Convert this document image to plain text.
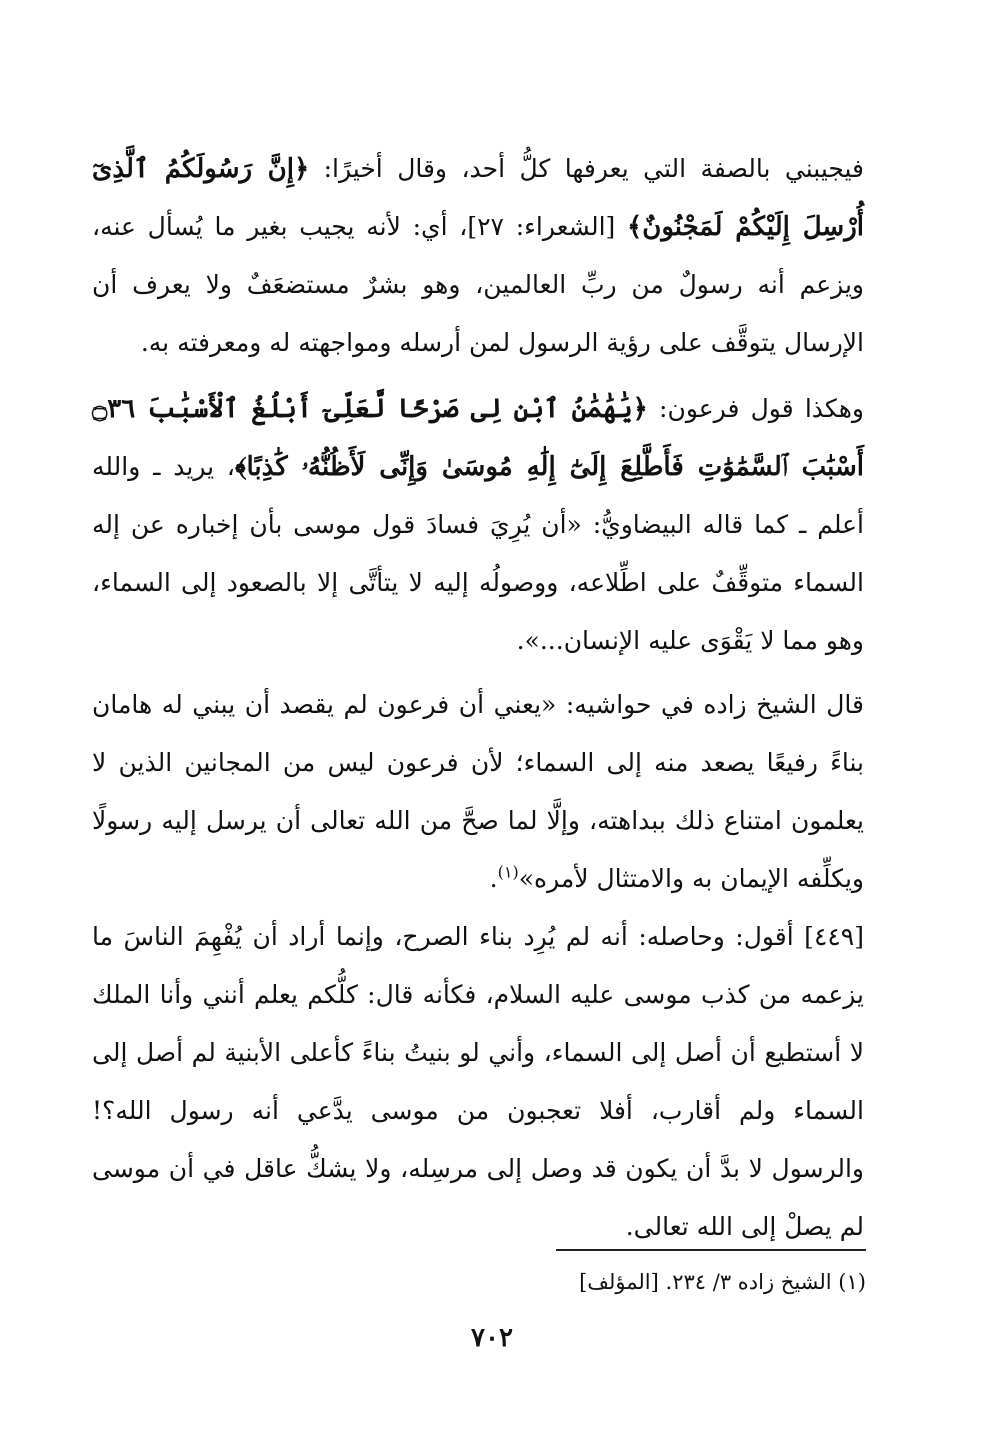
فيجيبني بالصفة التي يعرفها كلُّ أحد، وقال أخيرًا: ﴿إِنَّ رَسُولَكُمُ ٱلَّذِىٓ أُرْسِلَ إِلَيْكُمْ لَمَجْنُونٌ﴾ [الشعراء: ٢٧]، أي: لأنه يجيب بغير ما يُسأل عنه، ويزعم أنه رسولٌ من ربِّ العالمين، وهو بشرٌ مستضعَفٌ ولا يعرف أن الإرسال يتوقَّف على رؤية الرسول لمن أرسله ومواجهته له ومعرفته به.

وهكذا قول فرعون: ﴿يَٰهَٰمَٰنُ ٱبْنِ لِى صَرْحًا لَّعَلِّىٓ أَبْلُغُ ٱلْأَسْبَٰبَ ۝٣٦ أَسْبَٰبَ ٱلسَّمَٰوَٰتِ فَأَطَّلِعَ إِلَىٰٓ إِلَٰهِ مُوسَىٰ وَإِنِّى لَأَظُنُّهُۥ كَٰذِبًا﴾، يريد ـ والله أعلم ـ كما قاله البيضاويُّ: «أن يُرِيَ فسادَ قول موسى بأن إخباره عن إله السماء متوقِّفٌ على اطِّلاعه، ووصولُه إليه لا يتأتَّى إلا بالصعود إلى السماء، وهو مما لا يَقْوَى عليه الإنسان...».

قال الشيخ زاده في حواشيه: «يعني أن فرعون لم يقصد أن يبني له هامان بناءً رفيعًا يصعد منه إلى السماء؛ لأن فرعون ليس من المجانين الذين لا يعلمون امتناع ذلك ببداهته، وإلَّا لما صحَّ من الله تعالى أن يرسل إليه رسولًا ويكلِّفه الإيمان به والامتثال لأمره»$^{(١)}$.

[٤٤٩] أقول: وحاصله: أنه لم يُرِد بناء الصرح، وإنما أراد أن يُفْهِمَ الناسَ ما يزعمه من كذب موسى عليه السلام، فكأنه قال: كلُّكم يعلم أنني وأنا الملك لا أستطيع أن أصل إلى السماء، وأني لو بنيتُ بناءً كأعلى الأبنية لم أصل إلى السماء ولم أقارب، أفلا تعجبون من موسى يدَّعي أنه رسول الله؟! والرسول لا بدَّ أن يكون قد وصل إلى مرسِله، ولا يشكُّ عاقل في أن موسى لم يصلْ إلى الله تعالى.

(١) الشيخ زاده ٣/ ٢٣٤. [المؤلف]
٧٠٢
